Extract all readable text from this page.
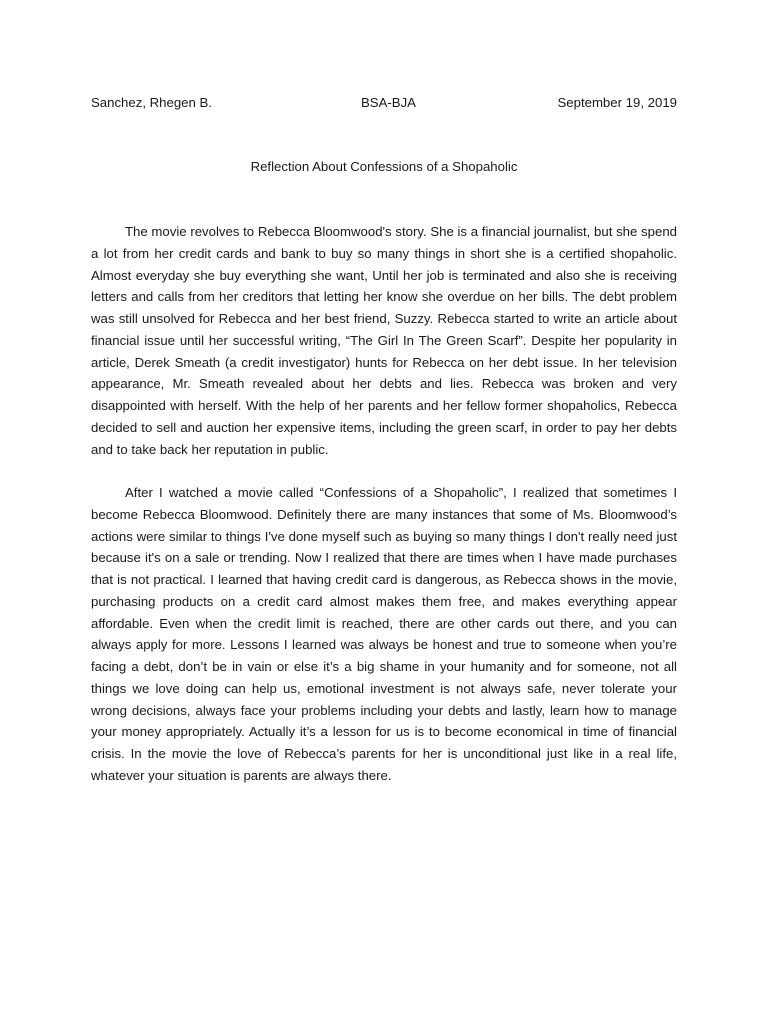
Sanchez, Rhegen B.	BSA-BJA	September 19, 2019
Reflection About Confessions of a Shopaholic

The movie revolves to Rebecca Bloomwood's story. She is a financial journalist, but she spend a lot from her credit cards and bank to buy so many things in short she is a certified shopaholic. Almost everyday she buy everything she want, Until her job is terminated and also she is receiving letters and calls from her creditors that letting her know she overdue on her bills. The debt problem was still unsolved for Rebecca and her best friend, Suzzy. Rebecca started to write an article about financial issue until her successful writing, “The Girl In The Green Scarf”. Despite her popularity in article, Derek Smeath (a credit investigator) hunts for Rebecca on her debt issue. In her television appearance, Mr. Smeath revealed about her debts and lies. Rebecca was broken and very disappointed with herself. With the help of her parents and her fellow former shopaholics, Rebecca decided to sell and auction her expensive items, including the green scarf, in order to pay her debts and to take back her reputation in public.

After I watched a movie called “Confessions of a Shopaholic”, I realized that sometimes I become Rebecca Bloomwood. Definitely there are many instances that some of Ms. Bloomwood’s actions were similar to things I've done myself such as buying so many things I don't really need just because it's on a sale or trending. Now I realized that there are times when I have made purchases that is not practical. I learned that having credit card is dangerous, as Rebecca shows in the movie, purchasing products on a credit card almost makes them free, and makes everything appear affordable. Even when the credit limit is reached, there are other cards out there, and you can always apply for more. Lessons I learned was always be honest and true to someone when you’re facing a debt, don’t be in vain or else it’s a big shame in your humanity and for someone, not all things we love doing can help us, emotional investment is not always safe, never tolerate your wrong decisions, always face your problems including your debts and lastly, learn how to manage your money appropriately. Actually it’s a lesson for us is to become economical in time of financial crisis. In the movie the love of Rebecca’s parents for her is unconditional just like in a real life, whatever your situation is parents are always there.
